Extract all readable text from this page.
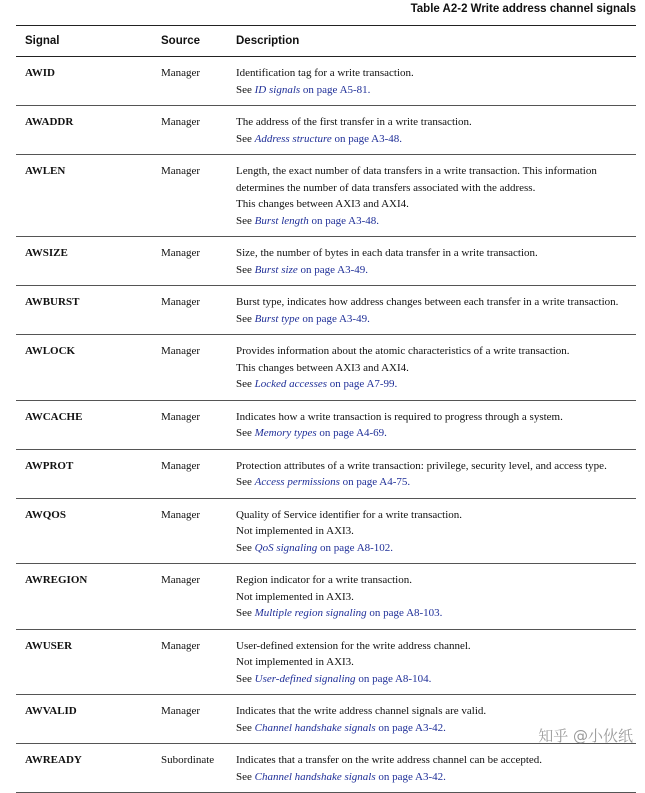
Table A2-2 Write address channel signals
Signal	Source	Description
AWID	Manager	Identification tag for a write transaction.
See ID signals on page A5-81.

AWADDR	Manager	The address of the first transfer in a write transaction.
See Address structure on page A3-48.

AWLEN	Manager	Length, the exact number of data transfers in a write transaction. This information determines the number of data transfers associated with the address.
This changes between AXI3 and AXI4.
See Burst length on page A3-48.

AWSIZE	Manager	Size, the number of bytes in each data transfer in a write transaction.
See Burst size on page A3-49.

AWBURST	Manager	Burst type, indicates how address changes between each transfer in a write transaction.
See Burst type on page A3-49.

AWLOCK	Manager	Provides information about the atomic characteristics of a write transaction.
This changes between AXI3 and AXI4.
See Locked accesses on page A7-99.

AWCACHE	Manager	Indicates how a write transaction is required to progress through a system.
See Memory types on page A4-69.

AWPROT	Manager	Protection attributes of a write transaction: privilege, security level, and access type.
See Access permissions on page A4-75.

AWQOS	Manager	Quality of Service identifier for a write transaction.
Not implemented in AXI3.
See QoS signaling on page A8-102.

AWREGION	Manager	Region indicator for a write transaction.
Not implemented in AXI3.
See Multiple region signaling on page A8-103.

AWUSER	Manager	User-defined extension for the write address channel.
Not implemented in AXI3.
See User-defined signaling on page A8-104.

AWVALID	Manager	Indicates that the write address channel signals are valid.
See Channel handshake signals on page A3-42.

AWREADY	Subordinate	Indicates that a transfer on the write address channel can be accepted.
See Channel handshake signals on page A3-42.
知乎 @小伙纸
